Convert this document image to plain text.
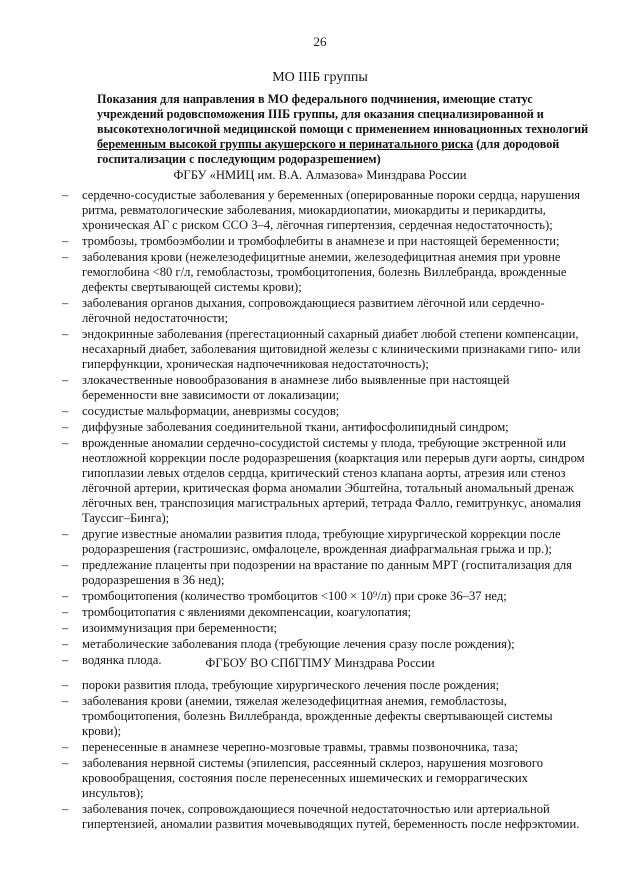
26
МО IIIБ группы
Показания для направления в МО федерального подчинения, имеющие статус
учреждений родовспоможения IIIБ группы, для оказания специализированной и
высокотехнологичной медицинской помощи с применением инновационных технологий
беременным высокой группы акушерского и перинатального риска (для дородовой
госпитализации с последующим родоразрешением)
ФГБУ «НМИЦ им. В.А. Алмазова» Минздрава России
– сердечно-сосудистые заболевания у беременных (оперированные пороки сердца, нарушения
ритма, ревматологические заболевания, миокардиопатии, миокардиты и перикардиты,
хроническая АГ с риском ССО 3–4, лёгочная гипертензия, сердечная недостаточность);
– тромбозы, тромбоэмболии и тромбофлебиты в анамнезе и при настоящей беременности;
– заболевания крови (нежелезодефицитные анемии, железодефицитная анемия при уровне
гемоглобина <80 г/л, гемобластозы, тромбоцитопения, болезнь Виллебранда, врожденные
дефекты свертывающей системы крови);
– заболевания органов дыхания, сопровождающиеся развитием лёгочной или сердечно-
лёгочной недостаточности;
– эндокринные заболевания (прегестационный сахарный диабет любой степени компенсации,
несахарный диабет, заболевания щитовидной железы с клиническими признаками гипо- или
гиперфункции, хроническая надпочечниковая недостаточность);
– злокачественные новообразования в анамнезе либо выявленные при настоящей
беременности вне зависимости от локализации;
– сосудистые мальформации, аневризмы сосудов;
– диффузные заболевания соединительной ткани, антифосфолипидный синдром;
– врожденные аномалии сердечно-сосудистой системы у плода, требующие экстренной или
неотложной коррекции после родоразрешения (коарктация или перерыв дуги аорты, синдром
гипоплазии левых отделов сердца, критический стеноз клапана аорты, атрезия или стеноз
лёгочной артерии, критическая форма аномалии Эбштейна, тотальный аномальный дренаж
лёгочных вен, транспозиция магистральных артерий, тетрада Фалло, гемитрункус, аномалия
Тауссиг–Бинга);
– другие известные аномалии развития плода, требующие хирургической коррекции после
родоразрешения (гастрошизис, омфалоцеле, врожденная диафрагмальная грыжа и пр.);
– предлежание плаценты при подозрении на врастание по данным МРТ (госпитализация для
родоразрешения в 36 нед);
– тромбоцитопения (количество тромбоцитов <100 × 10⁹/л) при сроке 36–37 нед;
– тромбоцитопатия с явлениями декомпенсации, коагулопатия;
– изоиммунизация при беременности;
– метаболические заболевания плода (требующие лечения сразу после рождения);
– водянка плода.	ФГБОУ ВО СПбГПМУ Минздрава России
– пороки развития плода, требующие хирургического лечения после рождения;
– заболевания крови (анемии, тяжелая железодефицитная анемия, гемобластозы,
тромбоцитопения, болезнь Виллебранда, врожденные дефекты свертывающей системы
крови);
– перенесенные в анамнезе черепно-мозговые травмы, травмы позвоночника, таза;
– заболевания нервной системы (эпилепсия, рассеянный склероз, нарушения мозгового
кровообращения, состояния после перенесенных ишемических и геморрагических
инсультов);
– заболевания почек, сопровождающиеся почечной недостаточностью или артериальной
гипертензией, аномалии развития мочевыводящих путей, беременность после нефрэктомии.
